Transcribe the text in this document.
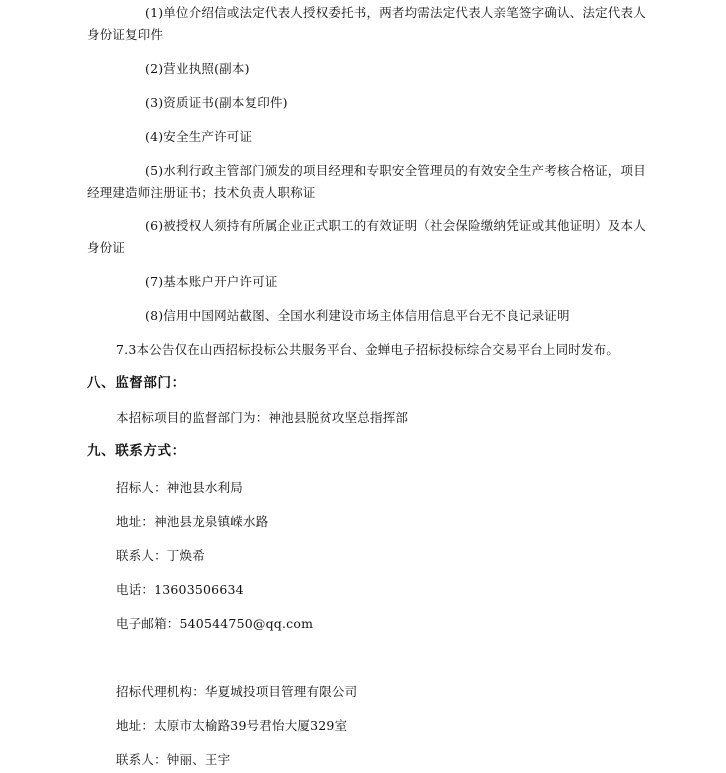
(1)单位介绍信或法定代表人授权委托书，两者均需法定代表人亲笔签字确认、法定代表人
身份证复印件
(2)营业执照(副本)
(3)资质证书(副本复印件)
(4)安全生产许可证
(5)水利行政主管部门颁发的项目经理和专职安全管理员的有效安全生产考核合格证，项目
经理建造师注册证书；技术负责人职称证
(6)被授权人须持有所属企业正式职工的有效证明（社会保险缴纳凭证或其他证明）及本人
身份证
(7)基本账户开户许可证
(8)信用中国网站截图、全国水利建设市场主体信用信息平台无不良记录证明
7.3本公告仅在山西招标投标公共服务平台、金蝉电子招标投标综合交易平台上同时发布。
八、监督部门：
本招标项目的监督部门为：神池县脱贫攻坚总指挥部
九、联系方式：
招标人：神池县水利局
地址：神池县龙泉镇嵘水路
联系人：丁焕希
电话：13603506634
电子邮箱：540544750@qq.com
招标代理机构：华夏城投项目管理有限公司
地址：太原市太榆路39号君怡大厦329室
联系人：钟丽、王宇
